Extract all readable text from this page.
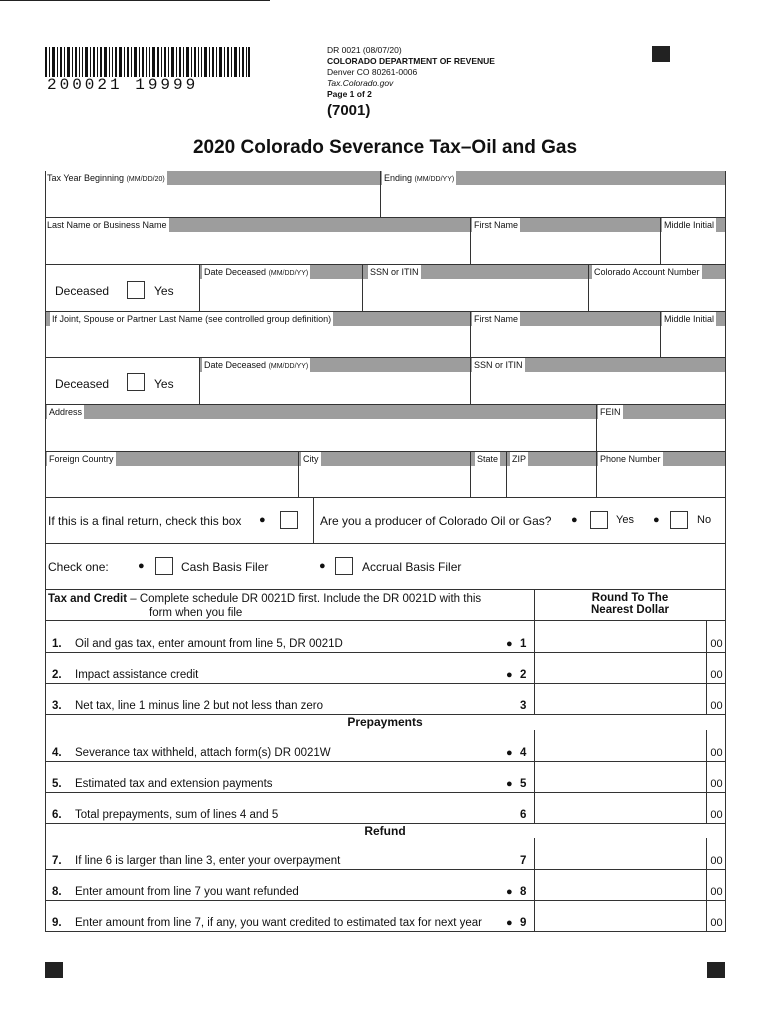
200021 19999
DR 0021 (08/07/20)
COLORADO DEPARTMENT OF REVENUE
Denver CO 80261-0006
Tax.Colorado.gov
Page 1 of 2
(7001)
2020 Colorado Severance Tax–Oil and Gas
Tax Year Beginning (MM/DD/20)	Ending (MM/DD/YY)
Last Name or Business Name	First Name	Middle Initial
Date Deceased (MM/DD/YY)	SSN or ITIN	Colorado Account Number
Deceased	Yes
If Joint, Spouse or Partner Last Name (see controlled group definition)	First Name	Middle Initial
Date Deceased (MM/DD/YY)	SSN or ITIN
Deceased	Yes
Address	FEIN
Foreign Country	City	State ZIP	Phone Number
If this is a final return, check this box ●	Are you a producer of Colorado Oil or Gas? ●	Yes ●	No
Check one:	●	Cash Basis Filer	●	Accrual Basis Filer
Tax and Credit – Complete schedule DR 0021D first. Include the DR 0021D with this
form when you file
Round To The
Nearest Dollar
1. Oil and gas tax, enter amount from line 5, DR 0021D	● 1	00
2. Impact assistance credit	● 2	00
3. Net tax, line 1 minus line 2 but not less than zero	3	00
4. Severance tax withheld, attach form(s) DR 0021W	● 4	00
5. Estimated tax and extension payments	● 5	00
6. Total prepayments, sum of lines 4 and 5	6	00
7. If line 6 is larger than line 3, enter your overpayment	7	00
8. Enter amount from line 7 you want refunded	● 8	00
9. Enter amount from line 7, if any, you want credited to estimated tax for next year ● 9	00
Prepayments
Refund
